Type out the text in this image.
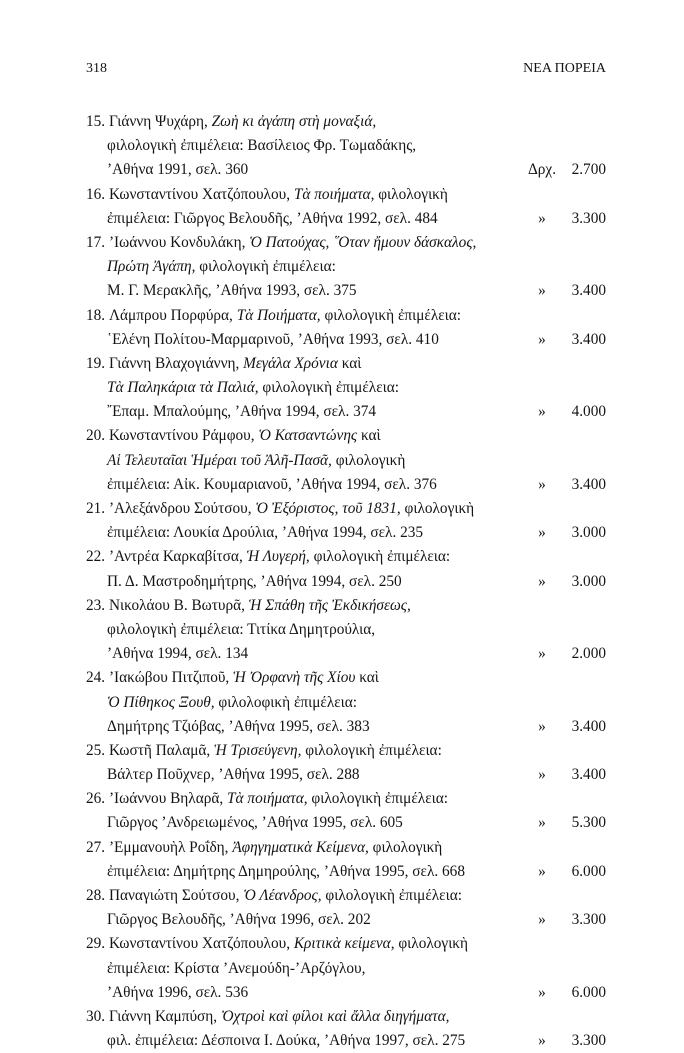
318	ΝΕΑ ΠΟΡΕΙΑ
15. Γιάννη Ψυχάρη, Ζωὴ κι ἀγάπη στὴ μοναξιά,
φιλολογικὴ ἐπιμέλεια: Βασίλειος Φρ. Τωμαδάκης,
’Αθήνα 1991, σελ. 360	Δρχ.	2.700
16. Κωνσταντίνου Χατζόπουλου, Τὰ ποιήματα, φιλολογικὴ
ἐπιμέλεια: Γιῶργος Βελουδῆς, ’Αθήνα 1992, σελ. 484	»	3.300
17. ’Ιωάννου Κονδυλάκη, Ὁ Πατούχας, ῞Οταν ἤμουν δάσκαλος,
Πρώτη Ἀγάπη, φιλολογικὴ ἐπιμέλεια:
Μ. Γ. Μερακλῆς, ’Αθήνα 1993, σελ. 375	»	3.400
18. Λάμπρου Πορφύρα, Τὰ Ποιήματα, φιλολογικὴ ἐπιμέλεια:
῾Ελένη Πολίτου-Μαρμαρινοῦ, ’Αθήνα 1993, σελ. 410	»	3.400
19. Γιάννη Βλαχογιάννη, Μεγάλα Χρόνια καὶ
Τὰ Παληκάρια τὰ Παλιά, φιλολογικὴ ἐπιμέλεια:
῎Επαμ. Μπαλούμης, ’Αθήνα 1994, σελ. 374	»	4.000
20. Κωνσταντίνου Ράμφου, Ὁ Κατσαντώνης καὶ
Αἱ Τελευταῖαι Ἡμέραι τοῦ Ἀλῆ-Πασᾶ, φιλολογικὴ
ἐπιμέλεια: Αἰκ. Κουμαριανοῦ, ’Αθήνα 1994, σελ. 376	»	3.400
21. ’Αλεξάνδρου Σούτσου, Ὁ Ἐξόριστος, τοῦ 1831, φιλολογικὴ
ἐπιμέλεια: Λουκία Δρούλια, ’Αθήνα 1994, σελ. 235	»	3.000
22. ’Αντρέα Καρκαβίτσα, Ἡ Λυγερή, φιλολογικὴ ἐπιμέλεια:
Π. Δ. Μαστροδημήτρης, ’Αθήνα 1994, σελ. 250	»	3.000
23. Νικολάου Β. Βωτυρᾶ, Ἡ Σπάθη τῆς Ἐκδικήσεως,
φιλολογικὴ ἐπιμέλεια: Τιτίκα Δημητρούλια,
’Αθήνα 1994, σελ. 134	»	2.000
24. ’Ιακώβου Πιτζιποῦ, Ἡ Ὀρφανὴ τῆς Χίου καὶ
Ὁ Πίθηκος Ξουθ, φιλολοφικὴ ἐπιμέλεια:
Δημήτρης Τζιόβας, ’Αθήνα 1995, σελ. 383	»	3.400
25. Κωστῆ Παλαμᾶ, Ἡ Τρισεύγενη, φιλολογικὴ ἐπιμέλεια:
Βάλτερ Ποῦχνερ, ’Αθήνα 1995, σελ. 288	»	3.400
26. ’Ιωάννου Βηλαρᾶ, Τὰ ποιήματα, φιλολογικὴ ἐπιμέλεια:
Γιῶργος ’Ανδρειωμένος, ’Αθήνα 1995, σελ. 605	»	5.300
27. ’Εμμανουὴλ Ροΐδη, Ἀφηγηματικὰ Κείμενα, φιλολογικὴ
ἐπιμέλεια: Δημήτρης Δημηρούλης, ’Αθήνα 1995, σελ. 668	»	6.000
28. Παναγιώτη Σούτσου, Ὁ Λέανδρος, φιλολογικὴ ἐπιμέλεια:
Γιῶργος Βελουδῆς, ’Αθήνα 1996, σελ. 202	»	3.300
29. Κωνσταντίνου Χατζόπουλου, Κριτικὰ κείμενα, φιλολογικὴ
ἐπιμέλεια: Κρίστα ’Ανεμούδη-’Αρζόγλου,
’Αθήνα 1996, σελ. 536	»	6.000
30. Γιάννη Καμπύση, Ὀχτροὶ καὶ φίλοι καὶ ἄλλα διηγήματα,
φιλ. ἐπιμέλεια: Δέσποινα Ι. Δούκα, ’Αθήνα 1997, σελ. 275	»	3.300
